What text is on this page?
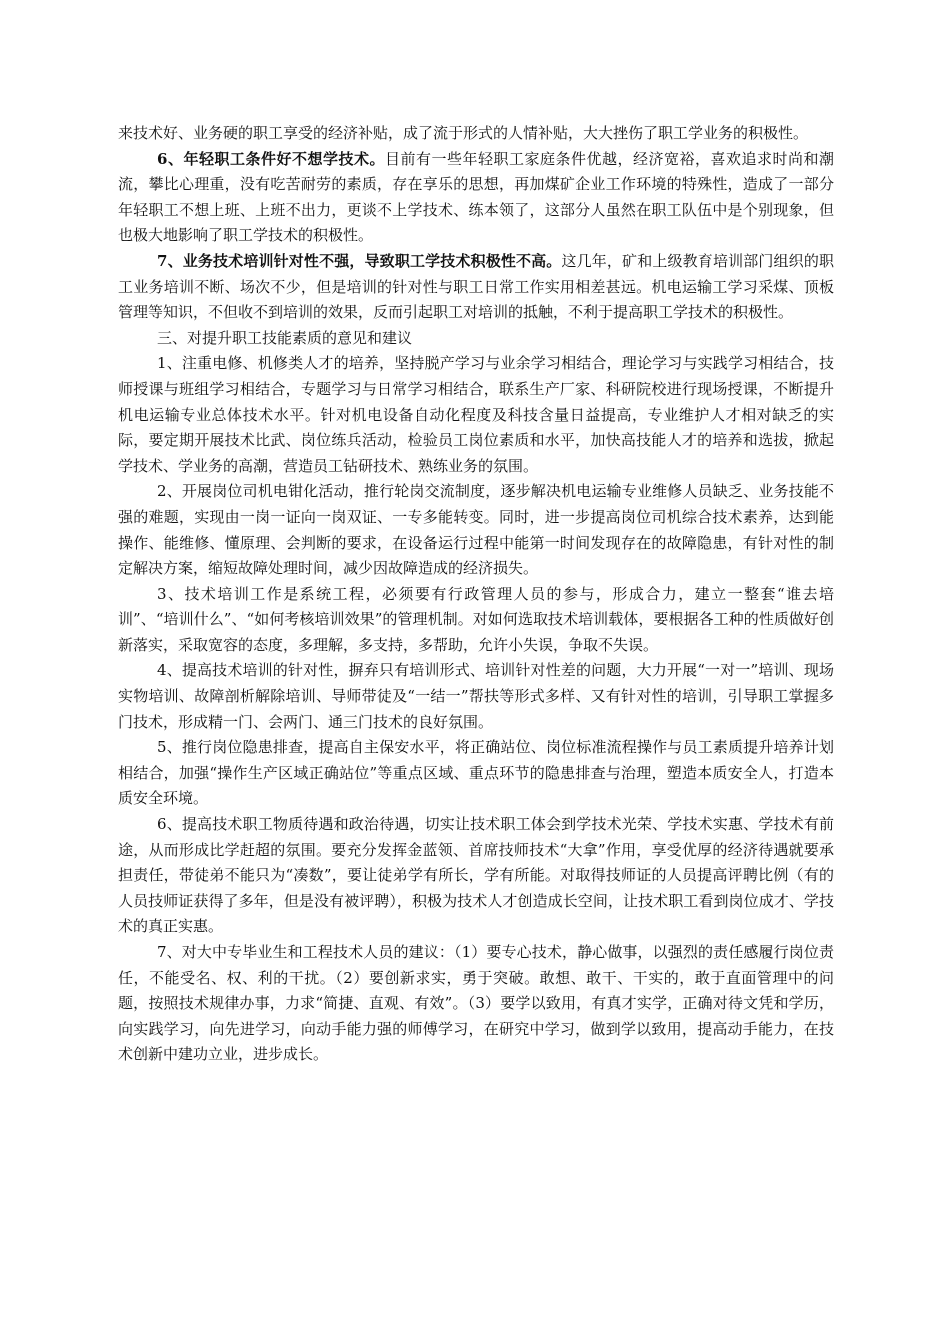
来技术好、业务硬的职工享受的经济补贴，成了流于形式的人情补贴，大大挫伤了职工学业务的积极性。

6、年轻职工条件好不想学技术。目前有一些年轻职工家庭条件优越，经济宽裕，喜欢追求时尚和潮流，攀比心理重，没有吃苦耐劳的素质，存在享乐的思想，再加煤矿企业工作环境的特殊性，造成了一部分年轻职工不想上班、上班不出力，更谈不上学技术、练本领了，这部分人虽然在职工队伍中是个别现象，但也极大地影响了职工学技术的积极性。

7、业务技术培训针对性不强，导致职工学技术积极性不高。这几年，矿和上级教育培训部门组织的职工业务培训不断、场次不少，但是培训的针对性与职工日常工作实用相差甚远。机电运输工学习采煤、顶板管理等知识，不但收不到培训的效果，反而引起职工对培训的抵触，不利于提高职工学技术的积极性。

三、对提升职工技能素质的意见和建议

1、注重电修、机修类人才的培养，坚持脱产学习与业余学习相结合，理论学习与实践学习相结合，技师授课与班组学习相结合，专题学习与日常学习相结合，联系生产厂家、科研院校进行现场授课，不断提升机电运输专业总体技术水平。针对机电设备自动化程度及科技含量日益提高，专业维护人才相对缺乏的实际，要定期开展技术比武、岗位练兵活动，检验员工岗位素质和水平，加快高技能人才的培养和选拔，掀起学技术、学业务的高潮，营造员工钻研技术、熟练业务的氛围。

2、开展岗位司机电钳化活动，推行轮岗交流制度，逐步解决机电运输专业维修人员缺乏、业务技能不强的难题，实现由一岗一证向一岗双证、一专多能转变。同时，进一步提高岗位司机综合技术素养，达到能操作、能维修、懂原理、会判断的要求，在设备运行过程中能第一时间发现存在的故障隐患，有针对性的制定解决方案，缩短故障处理时间，减少因故障造成的经济损失。

3、技术培训工作是系统工程，必须要有行政管理人员的参与，形成合力，建立一整套“谁去培训”、“培训什么”、“如何考核培训效果”的管理机制。对如何选取技术培训载体，要根据各工种的性质做好创新落实，采取宽容的态度，多理解，多支持，多帮助，允许小失误，争取不失误。

4、提高技术培训的针对性，摒弃只有培训形式、培训针对性差的问题，大力开展“一对一”培训、现场实物培训、故障剖析解除培训、导师带徒及“一结一”帮扶等形式多样、又有针对性的培训，引导职工掌握多门技术，形成精一门、会两门、通三门技术的良好氛围。

5、推行岗位隐患排查，提高自主保安水平，将正确站位、岗位标准流程操作与员工素质提升培养计划相结合，加强“操作生产区域正确站位”等重点区域、重点环节的隐患排查与治理，塑造本质安全人，打造本质安全环境。

6、提高技术职工物质待遇和政治待遇，切实让技术职工体会到学技术光荣、学技术实惠、学技术有前途，从而形成比学赶超的氛围。要充分发挥金蓝领、首席技师技术“大拿”作用，享受优厚的经济待遇就要承担责任，带徒弟不能只为“凑数”，要让徒弟学有所长，学有所能。对取得技师证的人员提高评聘比例（有的人员技师证获得了多年，但是没有被评聘），积极为技术人才创造成长空间，让技术职工看到岗位成才、学技术的真正实惠。

7、对大中专毕业生和工程技术人员的建议：（1）要专心技术，静心做事，以强烈的责任感履行岗位责任，不能受名、权、利的干扰。（2）要创新求实，勇于突破。敢想、敢干、干实的，敢于直面管理中的问题，按照技术规律办事，力求“简捷、直观、有效”。（3）要学以致用，有真才实学，正确对待文凭和学历，向实践学习，向先进学习，向动手能力强的师傅学习，在研究中学习，做到学以致用，提高动手能力，在技术创新中建功立业，进步成长。
